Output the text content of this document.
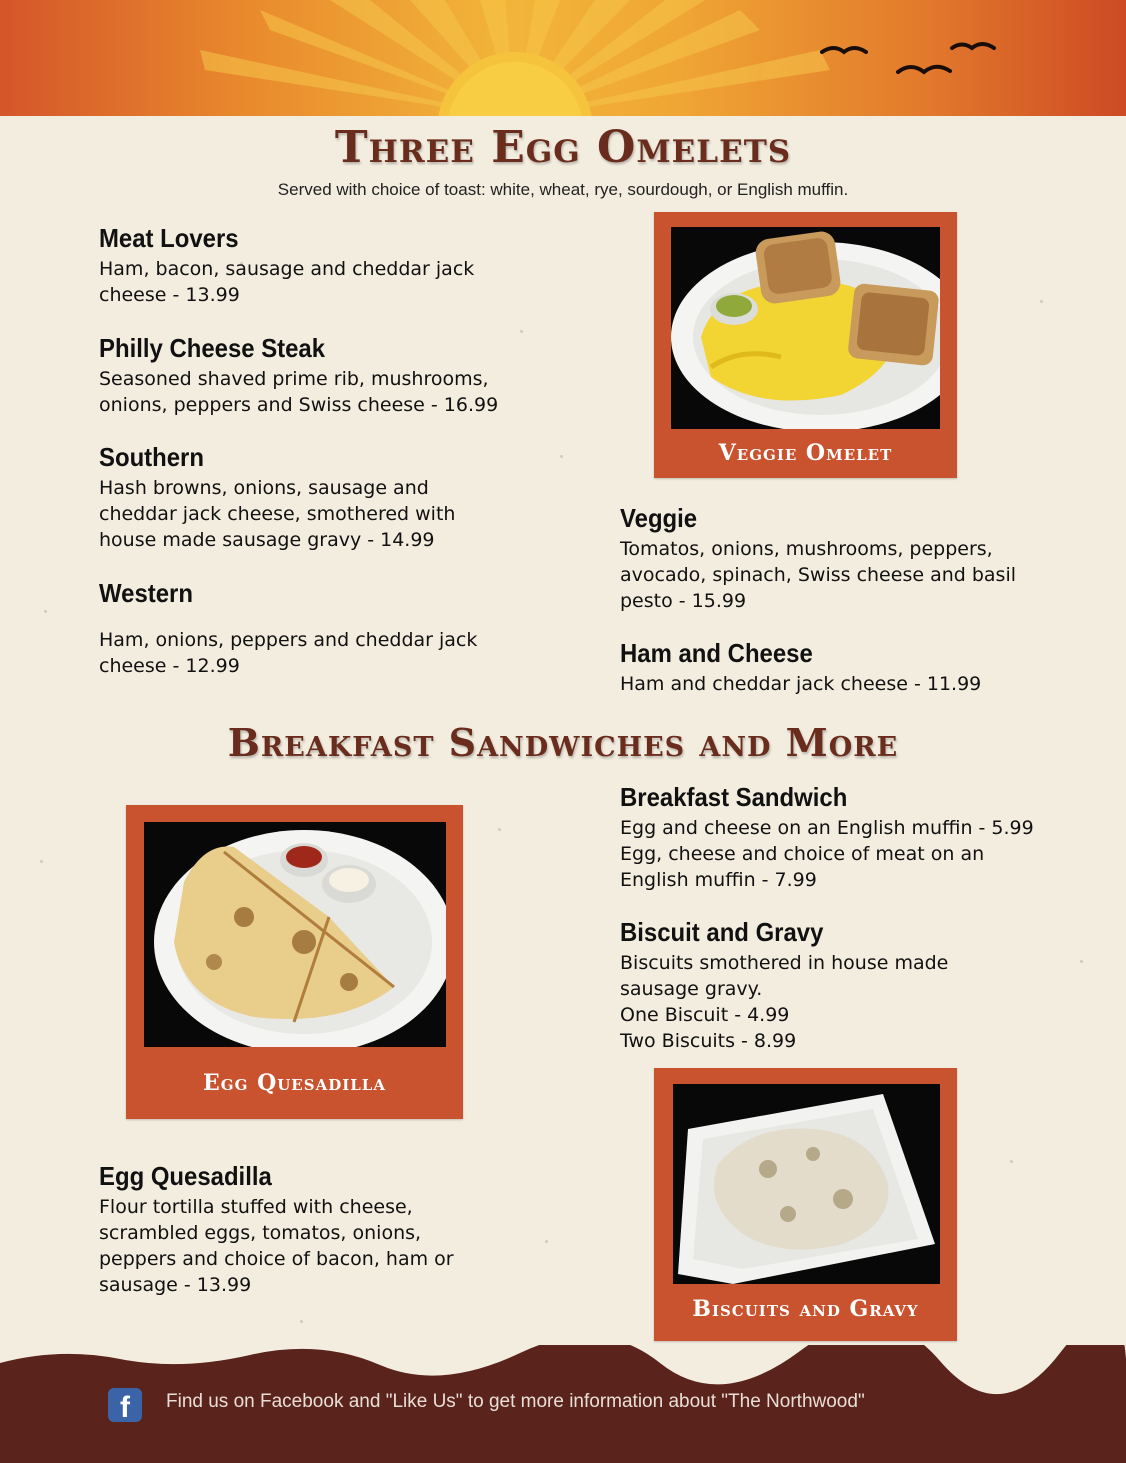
Three Egg Omelets
Served with choice of toast: white, wheat, rye, sourdough, or English muffin.
Meat Lovers
Ham, bacon, sausage and cheddar jack
cheese - 13.99
Philly Cheese Steak
Seasoned shaved prime rib, mushrooms,
onions, peppers and Swiss cheese - 16.99
Southern
Hash browns, onions, sausage and
cheddar jack cheese, smothered with
house made sausage gravy - 14.99
Western
Ham, onions, peppers and cheddar jack
cheese - 12.99
Veggie
Tomatos, onions, mushrooms, peppers,
avocado, spinach, Swiss cheese and basil
pesto - 15.99
Ham and Cheese
Ham and cheddar jack cheese - 11.99
Veggie Omelet
Breakfast Sandwiches and More
Breakfast Sandwich
Egg and cheese on an English muffin - 5.99
Egg, cheese and choice of meat on an
English muffin - 7.99
Biscuit and Gravy
Biscuits smothered in house made
sausage gravy.
One Biscuit - 4.99
Two Biscuits - 8.99
Egg Quesadilla
Flour tortilla stuffed with cheese,
scrambled eggs, tomatos, onions,
peppers and choice of bacon, ham or
sausage - 13.99
Egg Quesadilla
Biscuits and Gravy
f	Find us on Facebook and "Like Us" to get more information about "The Northwood"
